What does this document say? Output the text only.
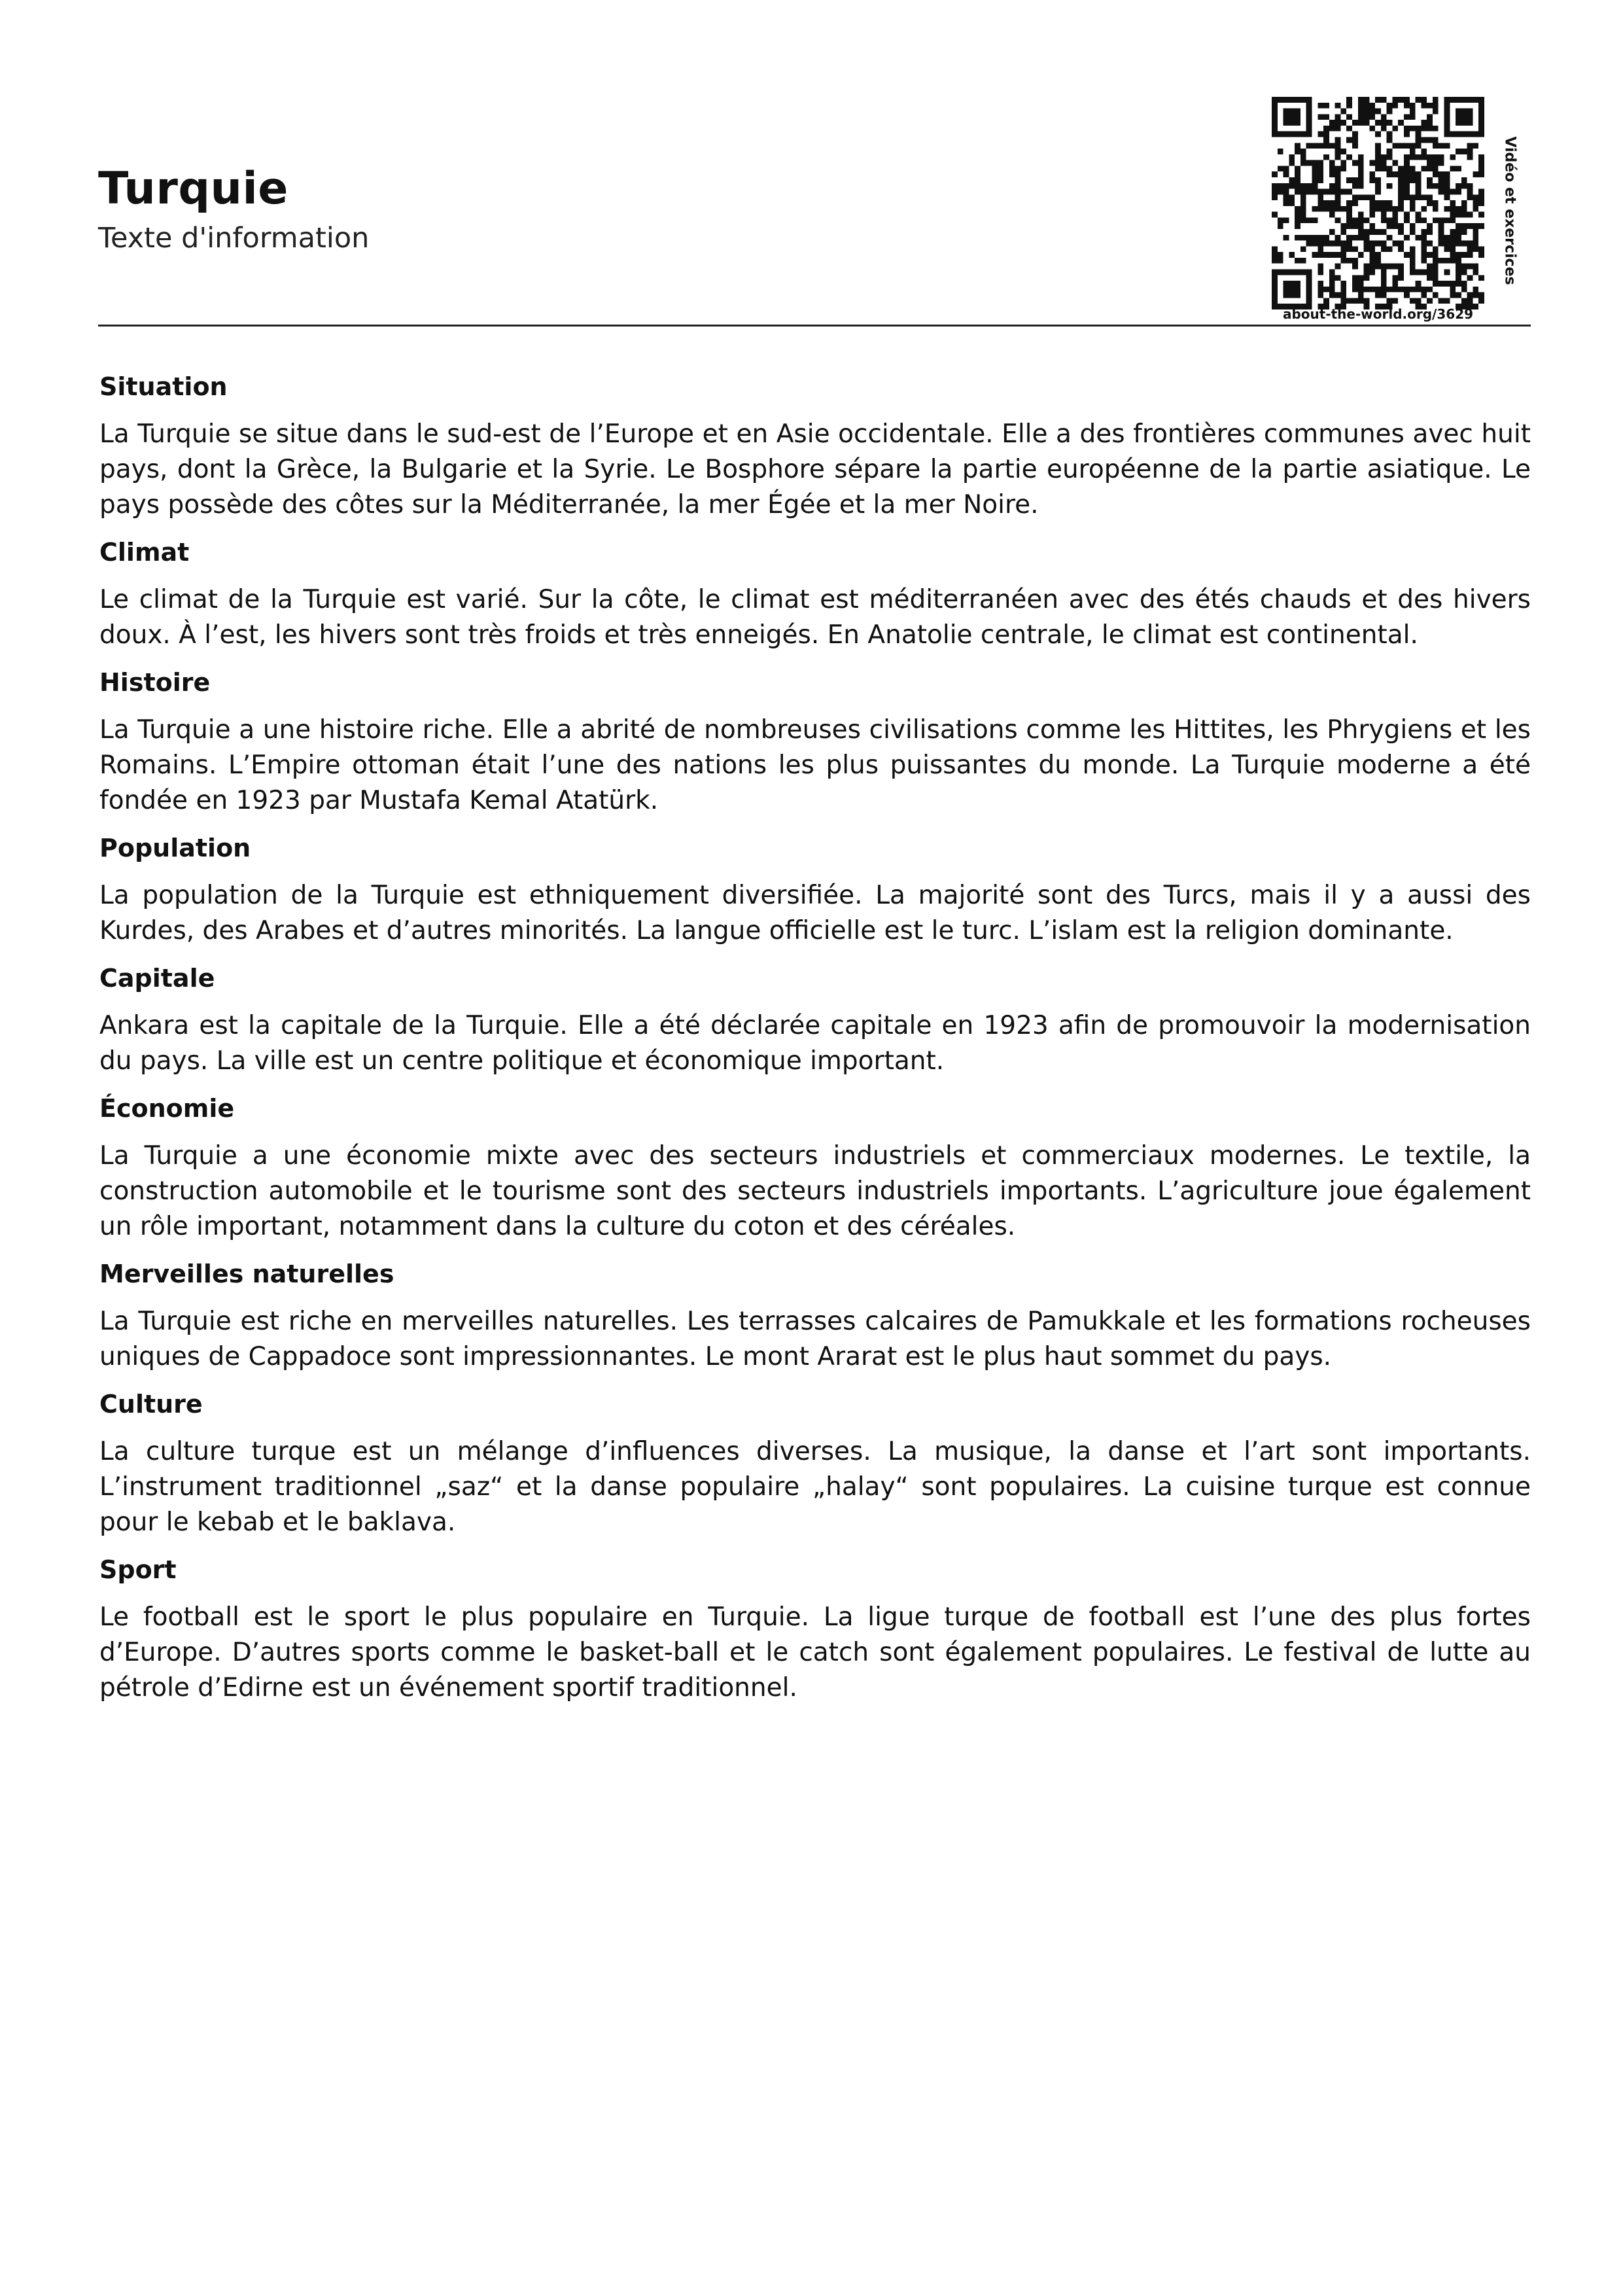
Turquie
Texte d'information
about-the-world.org/3629
Vidéo et exercices
Situation

La Turquie se situe dans le sud-est de l’Europe et en Asie occidentale. Elle a des frontières communes avec huit pays, dont la Grèce, la Bulgarie et la Syrie. Le Bosphore sépare la partie européenne de la partie asiatique. Le pays possède des côtes sur la Méditerranée, la mer Égée et la mer Noire.

Climat

Le climat de la Turquie est varié. Sur la côte, le climat est méditerranéen avec des étés chauds et des hivers doux. À l’est, les hivers sont très froids et très enneigés. En Anatolie centrale, le climat est continental.

Histoire

La Turquie a une histoire riche. Elle a abrité de nombreuses civilisations comme les Hittites, les Phrygiens et les Romains. L’Empire ottoman était l’une des nations les plus puissantes du monde. La Turquie moderne a été fondée en 1923 par Mustafa Kemal Atatürk.

Population

La population de la Turquie est ethniquement diversifiée. La majorité sont des Turcs, mais il y a aussi des Kurdes, des Arabes et d’autres minorités. La langue officielle est le turc. L’islam est la religion dominante.

Capitale

Ankara est la capitale de la Turquie. Elle a été déclarée capitale en 1923 afin de promouvoir la modernisation du pays. La ville est un centre politique et économique important.

Économie

La Turquie a une économie mixte avec des secteurs industriels et commerciaux modernes. Le textile, la construction automobile et le tourisme sont des secteurs industriels importants. L’agriculture joue également un rôle important, notamment dans la culture du coton et des céréales.

Merveilles naturelles

La Turquie est riche en merveilles naturelles. Les terrasses calcaires de Pamukkale et les formations rocheuses uniques de Cappadoce sont impressionnantes. Le mont Ararat est le plus haut sommet du pays.

Culture

La culture turque est un mélange d’influences diverses. La musique, la danse et l’art sont importants. L’instrument traditionnel „saz“ et la danse populaire „halay“ sont populaires. La cuisine turque est connue pour le kebab et le baklava.

Sport

Le football est le sport le plus populaire en Turquie. La ligue turque de football est l’une des plus fortes d’Europe. D’autres sports comme le basket-ball et le catch sont également populaires. Le festival de lutte au pétrole d’Edirne est un événement sportif traditionnel.
